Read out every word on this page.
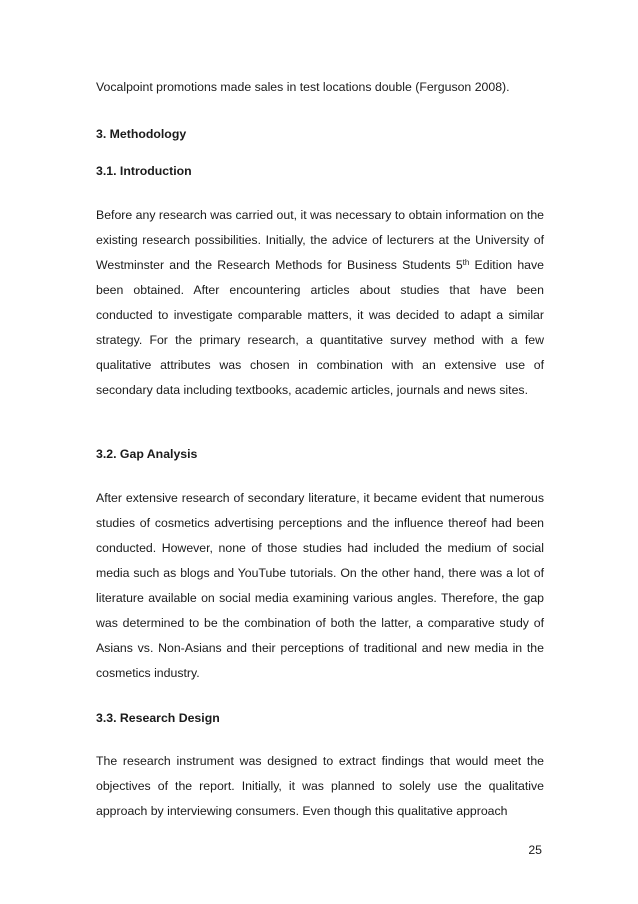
Vocalpoint promotions made sales in test locations double (Ferguson 2008).

3. Methodology

3.1. Introduction

Before any research was carried out, it was necessary to obtain information on the existing research possibilities. Initially, the advice of lecturers at the University of Westminster and the Research Methods for Business Students 5th Edition have been obtained. After encountering articles about studies that have been conducted to investigate comparable matters, it was decided to adapt a similar strategy. For the primary research, a quantitative survey method with a few qualitative attributes was chosen in combination with an extensive use of secondary data including textbooks, academic articles, journals and news sites.

3.2. Gap Analysis

After extensive research of secondary literature, it became evident that numerous studies of cosmetics advertising perceptions and the influence thereof had been conducted. However, none of those studies had included the medium of social media such as blogs and YouTube tutorials. On the other hand, there was a lot of literature available on social media examining various angles. Therefore, the gap was determined to be the combination of both the latter, a comparative study of Asians vs. Non-Asians and their perceptions of traditional and new media in the cosmetics industry.

3.3. Research Design

The research instrument was designed to extract findings that would meet the objectives of the report. Initially, it was planned to solely use the qualitative approach by interviewing consumers. Even though this qualitative approach

25
